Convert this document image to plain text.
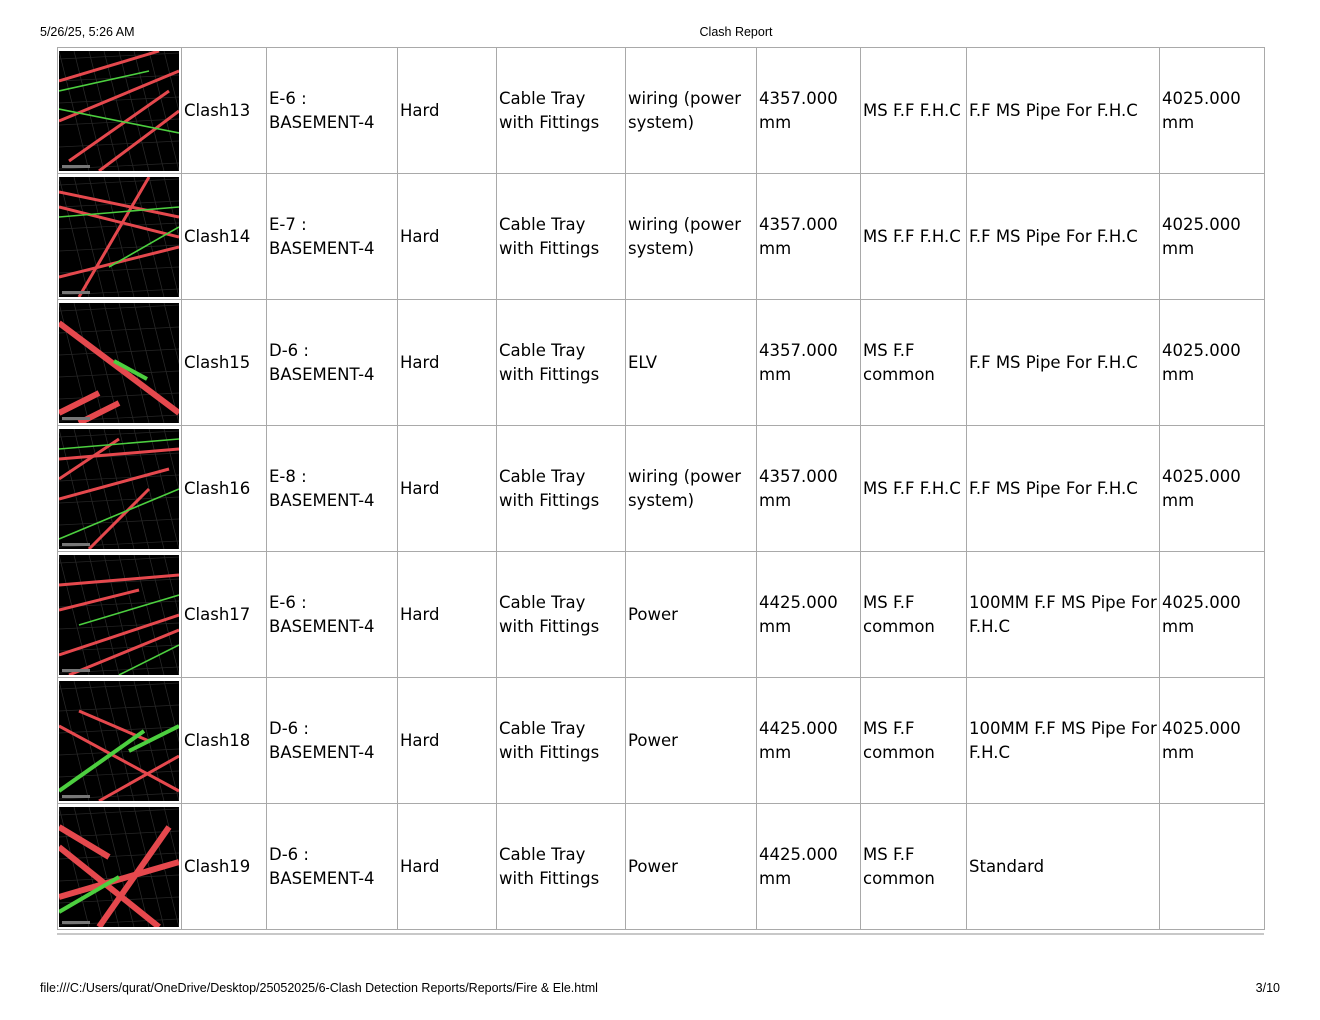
5/26/25, 5:26 AM	Clash Report
	Clash13	E-6 : BASEMENT-4	Hard	Cable Tray with Fittings	wiring (power system)	4357.000 mm	MS F.F F.H.C	F.F MS Pipe For F.H.C	4025.000 mm

	Clash14	E-7 : BASEMENT-4	Hard	Cable Tray with Fittings	wiring (power system)	4357.000 mm	MS F.F F.H.C	F.F MS Pipe For F.H.C	4025.000 mm

	Clash15	D-6 : BASEMENT-4	Hard	Cable Tray with Fittings	ELV	4357.000 mm	MS F.F common	F.F MS Pipe For F.H.C	4025.000 mm

	Clash16	E-8 : BASEMENT-4	Hard	Cable Tray with Fittings	wiring (power system)	4357.000 mm	MS F.F F.H.C	F.F MS Pipe For F.H.C	4025.000 mm

	Clash17	E-6 : BASEMENT-4	Hard	Cable Tray with Fittings	Power	4425.000 mm	MS F.F common	100MM F.F MS Pipe For F.H.C	4025.000 mm

	Clash18	D-6 : BASEMENT-4	Hard	Cable Tray with Fittings	Power	4425.000 mm	MS F.F common	100MM F.F MS Pipe For F.H.C	4025.000 mm

	Clash19	D-6 : BASEMENT-4	Hard	Cable Tray with Fittings	Power	4425.000 mm	MS F.F common	Standard	
file:///C:/Users/qurat/OneDrive/Desktop/25052025/6-Clash Detection Reports/Reports/Fire & Ele.html	3/10
